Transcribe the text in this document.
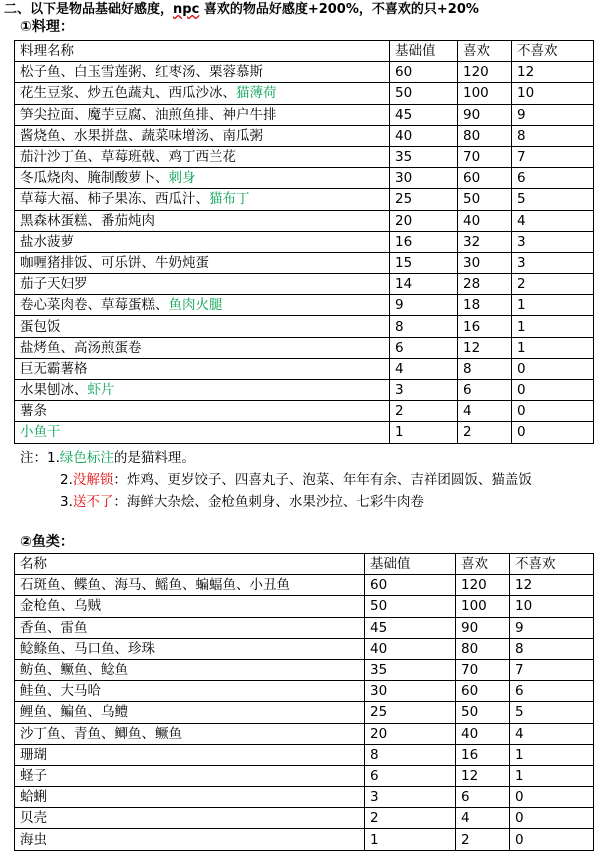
二、以下是物品基础好感度，npc 喜欢的物品好感度+200%，不喜欢的只+20%
①料理：
料理名称	基础值	喜欢	不喜欢
松子鱼、白玉雪莲粥、红枣汤、栗蓉慕斯	60	120	12
花生豆浆、炒五色蔬丸、西瓜沙冰、猫薄荷	50	100	10
笋尖拉面、魔芋豆腐、油煎鱼排、神户牛排	45	90	9
酱烧鱼、水果拼盘、蔬菜味增汤、南瓜粥	40	80	8
茄汁沙丁鱼、草莓班戟、鸡丁西兰花	35	70	7
冬瓜烧肉、腌制酸萝卜、刺身	30	60	6
草莓大福、柿子果冻、西瓜汁、猫布丁	25	50	5
黑森林蛋糕、番茄炖肉	20	40	4
盐水菠萝	16	32	3
咖喱猪排饭、可乐饼、牛奶炖蛋	15	30	3
茄子天妇罗	14	28	2
卷心菜肉卷、草莓蛋糕、鱼肉火腿	9	18	1
蛋包饭	8	16	1
盐烤鱼、高汤煎蛋卷	6	12	1
巨无霸薯格	4	8	0
水果刨冰、虾片	3	6	0
薯条	2	4	0
小鱼干	1	2	0

注：1.绿色标注的是猫料理。

2.没解锁：炸鸡、更岁饺子、四喜丸子、泡菜、年年有余、吉祥团圆饭、猫盖饭

3.送不了：海鲜大杂烩、金枪鱼刺身、水果沙拉、七彩牛肉卷

②鱼类：
名称	基础值	喜欢	不喜欢
石斑鱼、鲽鱼、海马、鳐鱼、蝙蝠鱼、小丑鱼	60	120	12
金枪鱼、乌贼	50	100	10
香鱼、雷鱼	45	90	9
鲶鲦鱼、马口鱼、珍珠	40	80	8
鲂鱼、鳜鱼、鲶鱼	35	70	7
鲑鱼、大马哈	30	60	6
鲤鱼、鳊鱼、乌鳢	25	50	5
沙丁鱼、青鱼、鲫鱼、鳜鱼	20	40	4
珊瑚	8	16	1
蛏子	6	12	1
蛤蜊	3	6	0
贝壳	2	4	0
海虫	1	2	0
